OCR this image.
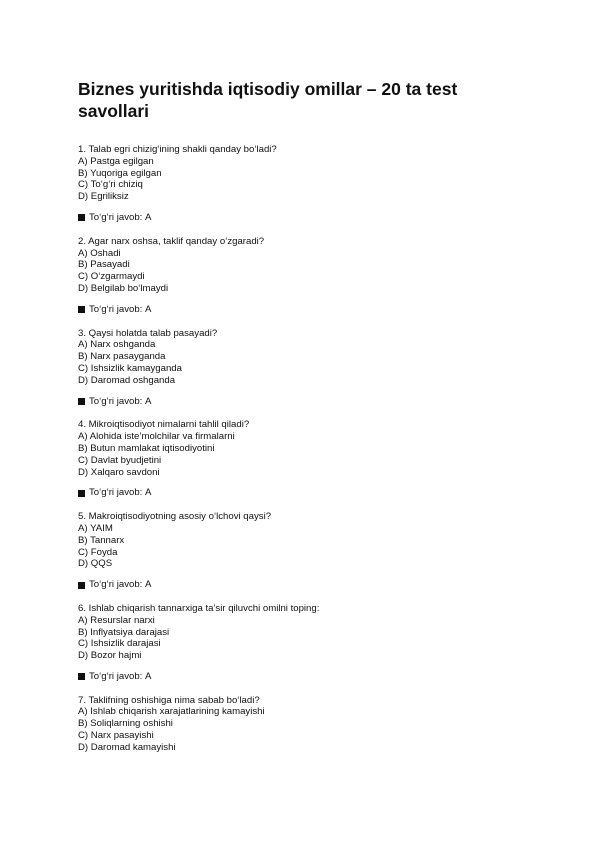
Biznes yuritishda iqtisodiy omillar – 20 ta test savollari
1. Talab egri chizig‘ining shakli qanday bo‘ladi?
A) Pastga egilgan
B) Yuqoriga egilgan
C) To‘g‘ri chiziq
D) Egriliksiz
To‘g‘ri javob:
A
2. Agar narx oshsa, taklif qanday o‘zgaradi?
A) Oshadi
B) Pasayadi
C) O‘zgarmaydi
D) Belgilab bo‘lmaydi
To‘g‘ri javob:
A
3. Qaysi holatda talab pasayadi?
A) Narx oshganda
B) Narx pasayganda
C) Ishsizlik kamayganda
D) Daromad oshganda
To‘g‘ri javob:
A
4. Mikroiqtisodiyot nimalarni tahlil qiladi?
A) Alohida iste’molchilar va firmalarni
B) Butun mamlakat iqtisodiyotini
C) Davlat byudjetini
D) Xalqaro savdoni
To‘g‘ri javob:
A
5. Makroiqtisodiyotning asosiy o‘lchovi qaysi?
A) YAIM
B) Tannarx
C) Foyda
D) QQS
To‘g‘ri javob:
A
6. Ishlab chiqarish tannarxiga ta’sir qiluvchi omilni toping:
A) Resurslar narxi
B) Inflyatsiya darajasi
C) Ishsizlik darajasi
D) Bozor hajmi
To‘g‘ri javob:
A
7. Taklifning oshishiga nima sabab bo‘ladi?
A) Ishlab chiqarish xarajatlarining kamayishi
B) Soliqlarning oshishi
C) Narx pasayishi
D) Daromad kamayishi
